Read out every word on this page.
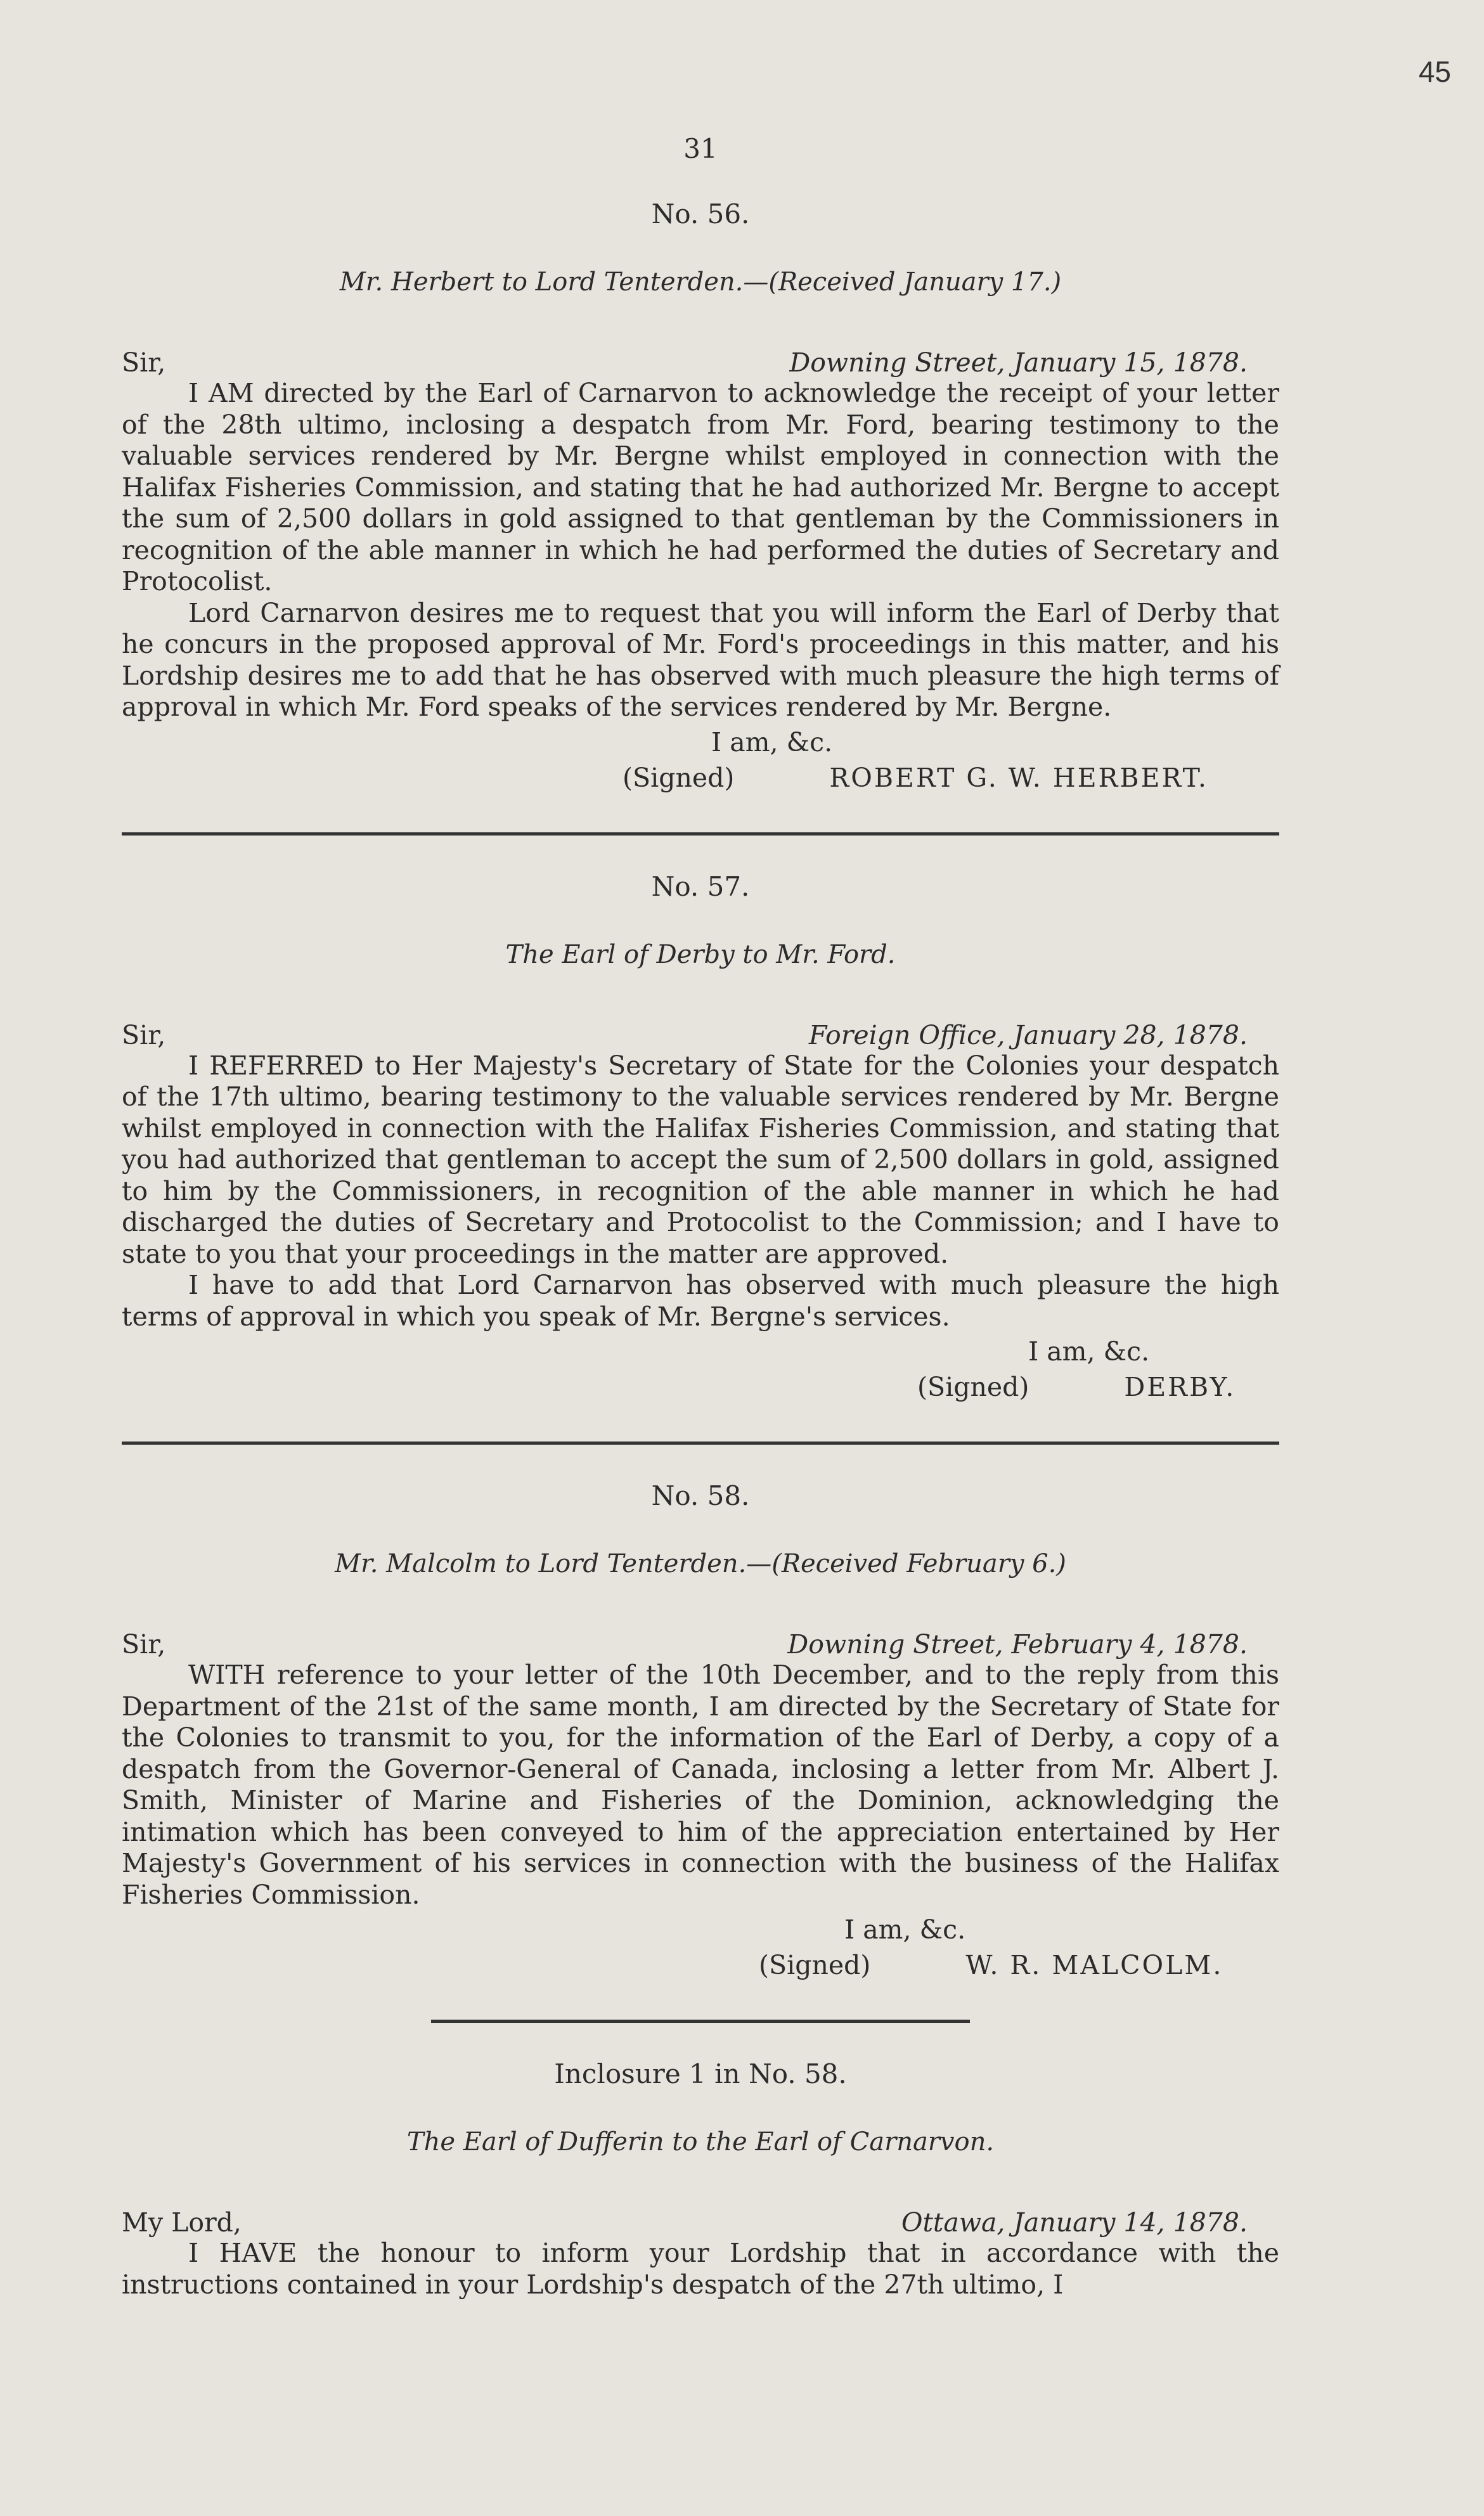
45
31
No. 56.
Mr. Herbert to Lord Tenterden.—(Received January 17.)
Sir,	Downing Street, January 15, 1878.

I AM directed by the Earl of Carnarvon to acknowledge the receipt of your letter of the 28th ultimo, inclosing a despatch from Mr. Ford, bearing testimony to the valuable services rendered by Mr. Bergne whilst employed in connection with the Halifax Fisheries Commission, and stating that he had authorized Mr. Bergne to accept the sum of 2,500 dollars in gold assigned to that gentleman by the Commissioners in recognition of the able manner in which he had performed the duties of Secretary and Protocolist.

Lord Carnarvon desires me to request that you will inform the Earl of Derby that he concurs in the proposed approval of Mr. Ford's proceedings in this matter, and his Lordship desires me to add that he has observed with much pleasure the high terms of approval in which Mr. Ford speaks of the services rendered by Mr. Bergne.

I am, &c.
(Signed)	ROBERT G. W. HERBERT.
No. 57.
The Earl of Derby to Mr. Ford.
Sir,	Foreign Office, January 28, 1878.

I REFERRED to Her Majesty's Secretary of State for the Colonies your despatch of the 17th ultimo, bearing testimony to the valuable services rendered by Mr. Bergne whilst employed in connection with the Halifax Fisheries Commission, and stating that you had authorized that gentleman to accept the sum of 2,500 dollars in gold, assigned to him by the Commissioners, in recognition of the able manner in which he had discharged the duties of Secretary and Protocolist to the Commission; and I have to state to you that your proceedings in the matter are approved.

I have to add that Lord Carnarvon has observed with much pleasure the high terms of approval in which you speak of Mr. Bergne's services.

I am, &c.
(Signed)	DERBY.
No. 58.
Mr. Malcolm to Lord Tenterden.—(Received February 6.)
Sir,	Downing Street, February 4, 1878.

WITH reference to your letter of the 10th December, and to the reply from this Department of the 21st of the same month, I am directed by the Secretary of State for the Colonies to transmit to you, for the information of the Earl of Derby, a copy of a despatch from the Governor-General of Canada, inclosing a letter from Mr. Albert J. Smith, Minister of Marine and Fisheries of the Dominion, acknowledging the intimation which has been conveyed to him of the appreciation entertained by Her Majesty's Government of his services in connection with the business of the Halifax Fisheries Commission.

I am, &c.
(Signed)	W. R. MALCOLM.
Inclosure 1 in No. 58.
The Earl of Dufferin to the Earl of Carnarvon.
My Lord,	Ottawa, January 14, 1878.

I HAVE the honour to inform your Lordship that in accordance with the instructions contained in your Lordship's despatch of the 27th ultimo, I
